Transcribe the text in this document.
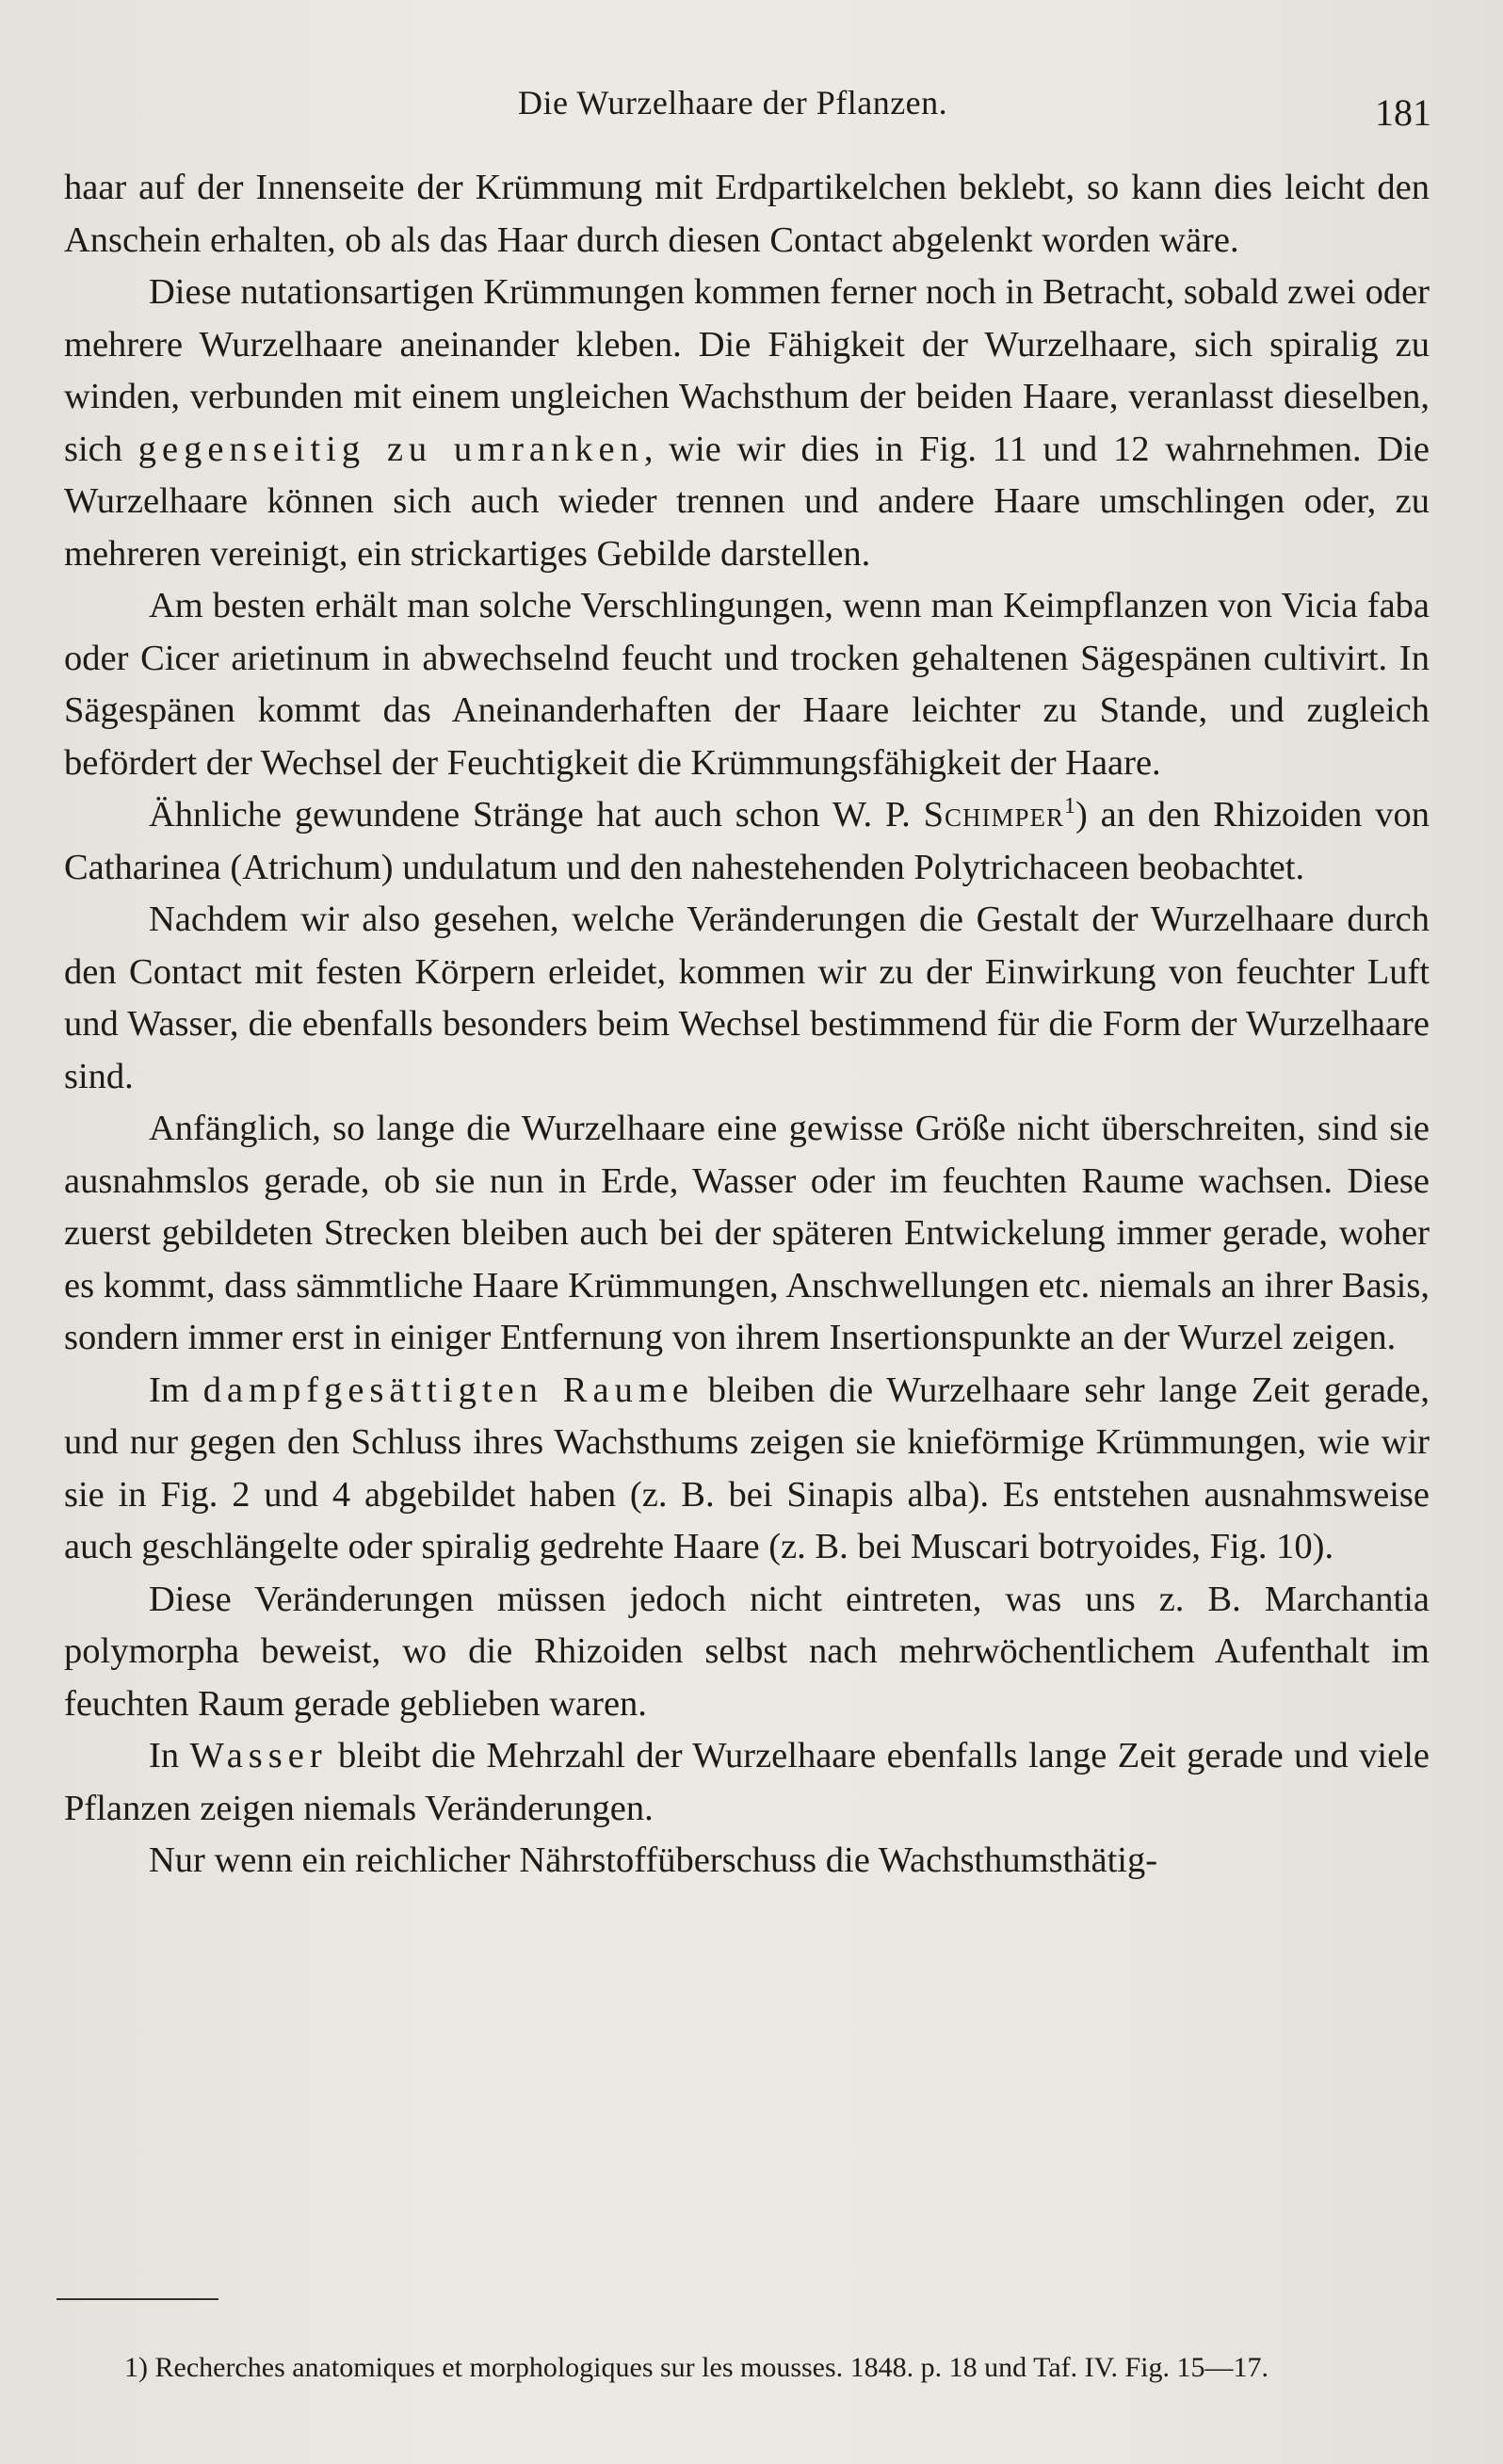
Die Wurzelhaare der Pflanzen.	181

haar auf der Innenseite der Krümmung mit Erdpartikelchen beklebt, so kann dies leicht den Anschein erhalten, ob als das Haar durch diesen Contact abgelenkt worden wäre.

Diese nutationsartigen Krümmungen kommen ferner noch in Betracht, sobald zwei oder mehrere Wurzelhaare aneinander kleben. Die Fähigkeit der Wurzelhaare, sich spiralig zu winden, verbunden mit einem ungleichen Wachsthum der beiden Haare, veranlasst dieselben, sich gegenseitig zu umranken, wie wir dies in Fig. 11 und 12 wahrnehmen. Die Wurzelhaare können sich auch wieder trennen und andere Haare umschlingen oder, zu mehreren vereinigt, ein strickartiges Gebilde darstellen.

Am besten erhält man solche Verschlingungen, wenn man Keimpflanzen von Vicia faba oder Cicer arietinum in abwechselnd feucht und trocken gehaltenen Sägespänen cultivirt. In Sägespänen kommt das Aneinanderhaften der Haare leichter zu Stande, und zugleich befördert der Wechsel der Feuchtigkeit die Krümmungsfähigkeit der Haare.

Ähnliche gewundene Stränge hat auch schon W. P. Schimper$^1$) an den Rhizoiden von Catharinea (Atrichum) undulatum und den nahestehenden Polytrichaceen beobachtet.

Nachdem wir also gesehen, welche Veränderungen die Gestalt der Wurzelhaare durch den Contact mit festen Körpern erleidet, kommen wir zu der Einwirkung von feuchter Luft und Wasser, die ebenfalls besonders beim Wechsel bestimmend für die Form der Wurzelhaare sind.

Anfänglich, so lange die Wurzelhaare eine gewisse Größe nicht überschreiten, sind sie ausnahmslos gerade, ob sie nun in Erde, Wasser oder im feuchten Raume wachsen. Diese zuerst gebildeten Strecken bleiben auch bei der späteren Entwickelung immer gerade, woher es kommt, dass sämmtliche Haare Krümmungen, Anschwellungen etc. niemals an ihrer Basis, sondern immer erst in einiger Entfernung von ihrem Insertionspunkte an der Wurzel zeigen.

Im dampfgesättigten Raume bleiben die Wurzelhaare sehr lange Zeit gerade, und nur gegen den Schluss ihres Wachsthums zeigen sie knieförmige Krümmungen, wie wir sie in Fig. 2 und 4 abgebildet haben (z. B. bei Sinapis alba). Es entstehen ausnahmsweise auch geschlängelte oder spiralig gedrehte Haare (z. B. bei Muscari botryoides, Fig. 10).

Diese Veränderungen müssen jedoch nicht eintreten, was uns z. B. Marchantia polymorpha beweist, wo die Rhizoiden selbst nach mehrwöchentlichem Aufenthalt im feuchten Raum gerade geblieben waren.

In Wasser bleibt die Mehrzahl der Wurzelhaare ebenfalls lange Zeit gerade und viele Pflanzen zeigen niemals Veränderungen.

Nur wenn ein reichlicher Nährstoffüberschuss die Wachsthumsthätig-

1) Recherches anatomiques et morphologiques sur les mousses. 1848. p. 18 und Taf. IV. Fig. 15—17.
